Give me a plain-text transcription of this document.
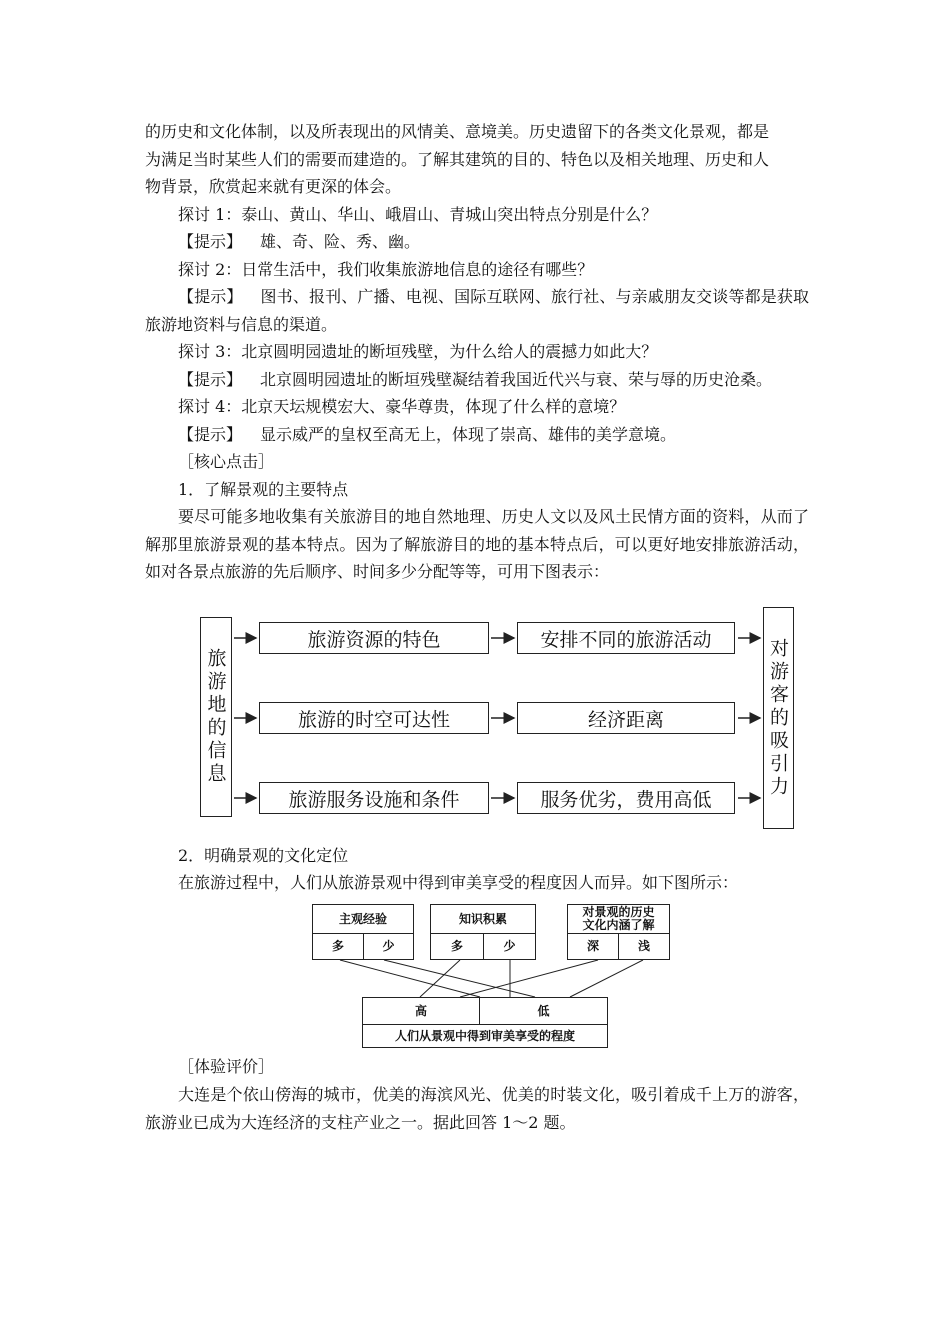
的历史和文化体制，以及所表现出的风情美、意境美。历史遗留下的各类文化景观，都是

为满足当时某些人们的需要而建造的。了解其建筑的目的、特色以及相关地理、历史和人

物背景，欣赏起来就有更深的体会。

探讨 1：泰山、黄山、华山、峨眉山、青城山突出特点分别是什么？

【提示】 雄、奇、险、秀、幽。

探讨 2：日常生活中，我们收集旅游地信息的途径有哪些？

【提示】 图书、报刊、广播、电视、国际互联网、旅行社、与亲戚朋友交谈等都是获取旅游地资料与信息的渠道。

探讨 3：北京圆明园遗址的断垣残壁，为什么给人的震撼力如此大？

【提示】 北京圆明园遗址的断垣残壁凝结着我国近代兴与衰、荣与辱的历史沧桑。

探讨 4：北京天坛规模宏大、豪华尊贵，体现了什么样的意境？

【提示】 显示威严的皇权至高无上，体现了崇高、雄伟的美学意境。

［核心点击］

1．了解景观的主要特点

要尽可能多地收集有关旅游目的地自然地理、历史人文以及风土民情方面的资料，从而了解那里旅游景观的基本特点。因为了解旅游目的地的基本特点后，可以更好地安排旅游活动，如对各景点旅游的先后顺序、时间多少分配等等，可用下图表示：

旅游地的信息
旅游资源的特色
旅游的时空可达性
旅游服务设施和条件
安排不同的旅游活动
经济距离
服务优劣，费用高低
对游客的吸引力

2．明确景观的文化定位

在旅游过程中，人们从旅游景观中得到审美享受的程度因人而异。如下图所示：

主观经验
多	少
知识积累
多	少
对景观的历史文化内涵了解
深	浅
高	低
人们从景观中得到审美享受的程度

［体验评价］

大连是个依山傍海的城市，优美的海滨风光、优美的时装文化，吸引着成千上万的游客，旅游业已成为大连经济的支柱产业之一。据此回答 1～2 题。
